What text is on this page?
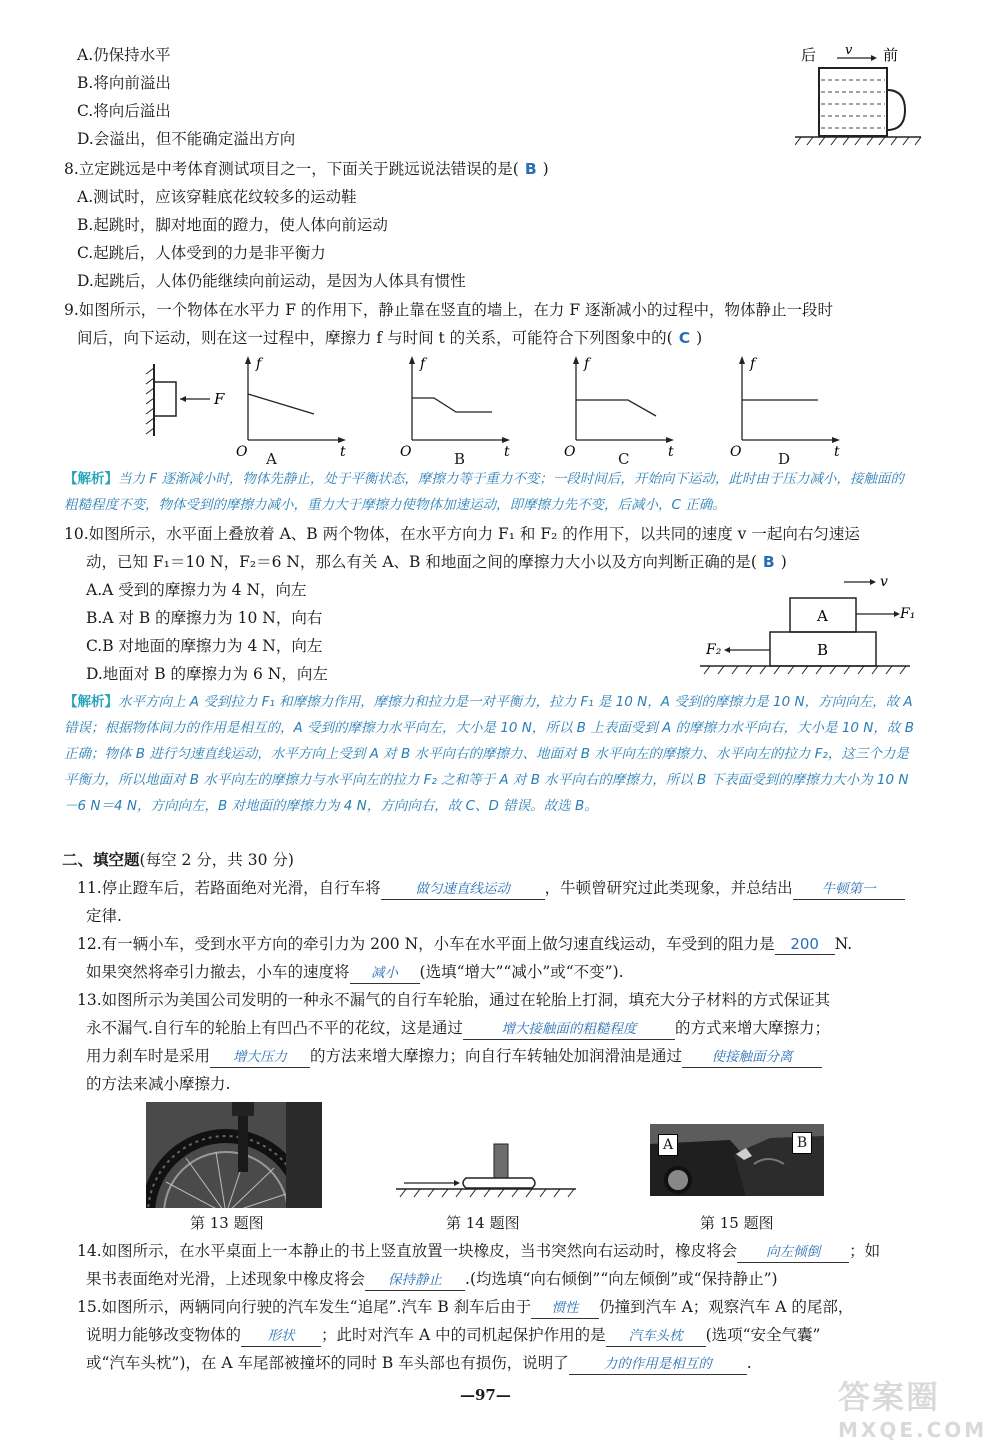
A.仍保持水平
B.将向前溢出
C.将向后溢出
D.会溢出，但不能确定溢出方向
后 v 前
8.立定跳远是中考体育测试项目之一，下面关于跳远说法错误的是( B )
A.测试时，应该穿鞋底花纹较多的运动鞋
B.起跳时，脚对地面的蹬力，使人体向前运动
C.起跳后，人体受到的力是非平衡力
D.起跳后，人体仍能继续向前运动，是因为人体具有惯性
9.如图所示，一个物体在水平力 F 的作用下，静止靠在竖直的墙上，在力 F 逐渐减小的过程中，物体静止一段时
间后，向下运动，则在这一过程中，摩擦力 f 与时间 t 的关系，可能符合下列图象中的( C )
F
f
O	t
f
O	t
f
O	t
f
O	t
A	B	C	D
【解析】当力 F 逐渐减小时，物体先静止，处于平衡状态，摩擦力等于重力不变；一段时间后，开始向下运动，此时由于压力减小，接触面的粗糙程度不变，物体受到的摩擦力减小，重力大于摩擦力使物体加速运动，即摩擦力先不变，后减小，C 正确。
10.如图所示，水平面上叠放着 A、B 两个物体，在水平方向力 F₁ 和 F₂ 的作用下，以共同的速度 v 一起向右匀速运
动，已知 F₁＝10 N，F₂＝6 N，那么有关 A、B 和地面之间的摩擦力大小以及方向判断正确的是( B )
A.A 受到的摩擦力为 4 N，向左
B.A 对 B 的摩擦力为 10 N，向右
C.B 对地面的摩擦力为 4 N，向左
D.地面对 B 的摩擦力为 6 N，向左
v
A	F₁
B
F₂
【解析】水平方向上 A 受到拉力 F₁ 和摩擦力作用，摩擦力和拉力是一对平衡力，拉力 F₁ 是 10 N，A 受到的摩擦力是 10 N，方向向左，故 A 错误；根据物体间力的作用是相互的，A 受到的摩擦力水平向左，大小是 10 N，所以 B 上表面受到 A 的摩擦力水平向右，大小是 10 N，故 B 正确；物体 B 进行匀速直线运动，水平方向上受到 A 对 B 水平向右的摩擦力、地面对 B 水平向左的摩擦力、水平向左的拉力 F₂，这三个力是平衡力，所以地面对 B 水平向左的摩擦力与水平向左的拉力 F₂ 之和等于 A 对 B 水平向右的摩擦力，所以 B 下表面受到的摩擦力大小为 10 N－6 N＝4 N，方向向左，B 对地面的摩擦力为 4 N，方向向右，故 C、D 错误。故选 B。
二、填空题(每空 2 分，共 30 分)
11.停止蹬车后，若路面绝对光滑，自行车将	做匀速直线运动 ，牛顿曾研究过此类现象，并总结出 牛顿第一
定律.
12.有一辆小车，受到水平方向的牵引力为 200 N，小车在水平面上做匀速直线运动，车受到的阻力是 200 N.
如果突然将牵引力撤去，小车的速度将 减小 (选填“增大”“减小”或“不变”).
13.如图所示为美国公司发明的一种永不漏气的自行车轮胎，通过在轮胎上打洞，填充大分子材料的方式保证其
永不漏气.自行车的轮胎上有凹凸不平的花纹，这是通过	增大接触面的粗糙程度 的方式来增大摩擦力；
用力刹车时是采用 增大压力 的方法来增大摩擦力；向自行车转轴处加润滑油是通过 使接触面分离
的方法来减小摩擦力.
第 13 题图	第 14 题图
A	B
第 15 题图
14.如图所示，在水平桌面上一本静止的书上竖直放置一块橡皮，当书突然向右运动时，橡皮将会 向左倾倒 ；如
果书表面绝对光滑，上述现象中橡皮将会 保持静止 .(均选填“向右倾倒”“向左倾倒”或“保持静止”)
15.如图所示，两辆同向行驶的汽车发生“追尾”.汽车 B 刹车后由于 惯性 仍撞到汽车 A；观察汽车 A 的尾部，
说明力能够改变物体的 形状 ；此时对汽车 A 中的司机起保护作用的是 汽车头枕 (选项“安全气囊”
或“汽车头枕”)，在 A 车尾部被撞坏的同时 B 车头部也有损伤，说明了	力的作用是相互的 .
—97—	答案圈
MXQE.COM
